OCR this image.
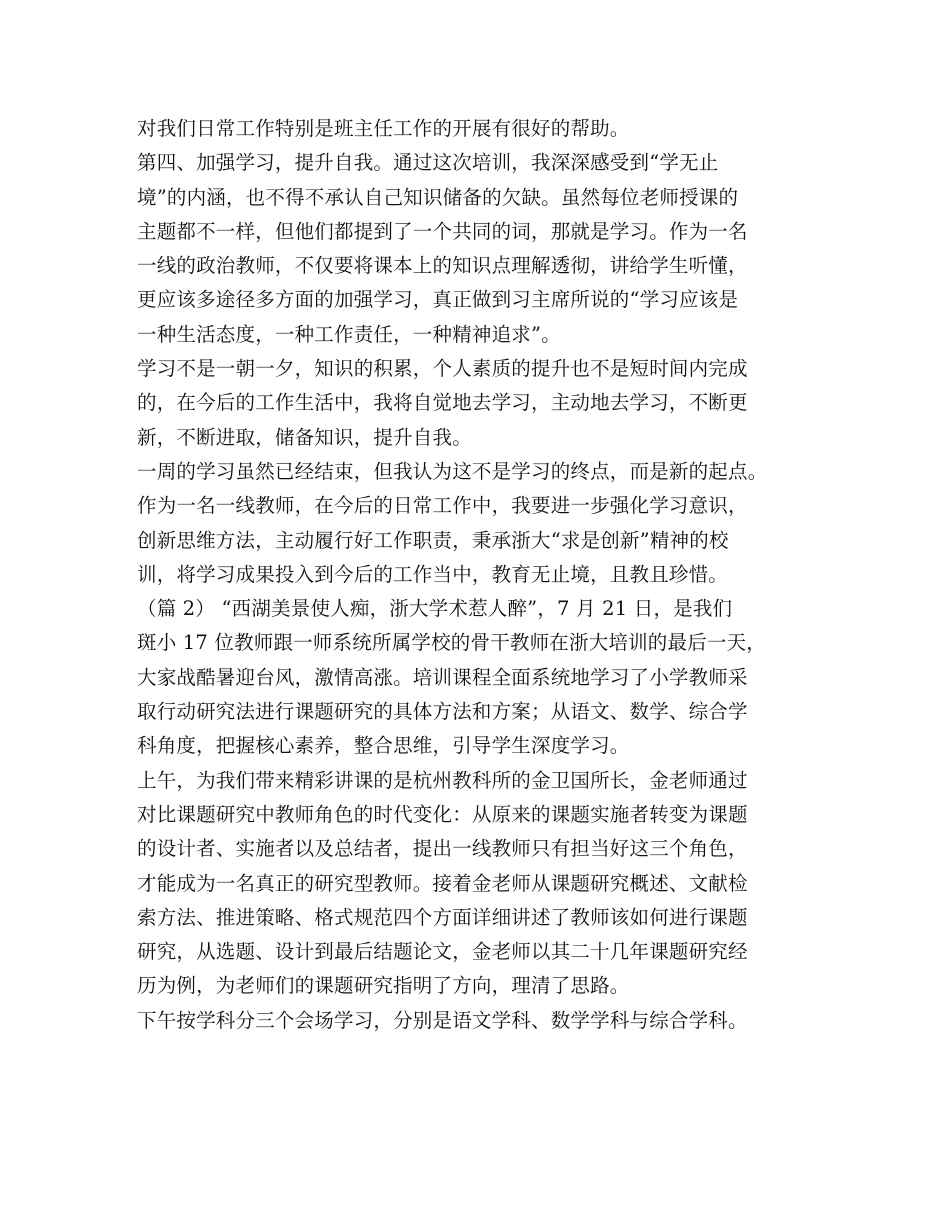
对我们日常工作特别是班主任工作的开展有很好的帮助。
第四、加强学习，提升自我。通过这次培训，我深深感受到“学无止
境”的内涵，也不得不承认自己知识储备的欠缺。虽然每位老师授课的
主题都不一样，但他们都提到了一个共同的词，那就是学习。作为一名
一线的政治教师，不仅要将课本上的知识点理解透彻，讲给学生听懂，
更应该多途径多方面的加强学习，真正做到习主席所说的“学习应该是
一种生活态度，一种工作责任，一种精神追求”。
学习不是一朝一夕，知识的积累，个人素质的提升也不是短时间内完成
的，在今后的工作生活中，我将自觉地去学习，主动地去学习，不断更
新，不断进取，储备知识，提升自我。
一周的学习虽然已经结束，但我认为这不是学习的终点，而是新的起点。
作为一名一线教师，在今后的日常工作中，我要进一步强化学习意识，
创新思维方法，主动履行好工作职责，秉承浙大“求是创新”精神的校
训，将学习成果投入到今后的工作当中，教育无止境，且教且珍惜。
（篇 2） “西湖美景使人痴，浙大学术惹人醉”，7 月 21 日，是我们
斑小 17 位教师跟一师系统所属学校的骨干教师在浙大培训的最后一天，
大家战酷暑迎台风，激情高涨。培训课程全面系统地学习了小学教师采
取行动研究法进行课题研究的具体方法和方案；从语文、数学、综合学
科角度，把握核心素养，整合思维，引导学生深度学习。
上午，为我们带来精彩讲课的是杭州教科所的金卫国所长，金老师通过
对比课题研究中教师角色的时代变化：从原来的课题实施者转变为课题
的设计者、实施者以及总结者，提出一线教师只有担当好这三个角色，
才能成为一名真正的研究型教师。接着金老师从课题研究概述、文献检
索方法、推进策略、格式规范四个方面详细讲述了教师该如何进行课题
研究，从选题、设计到最后结题论文，金老师以其二十几年课题研究经
历为例，为老师们的课题研究指明了方向，理清了思路。
下午按学科分三个会场学习，分别是语文学科、数学学科与综合学科。
